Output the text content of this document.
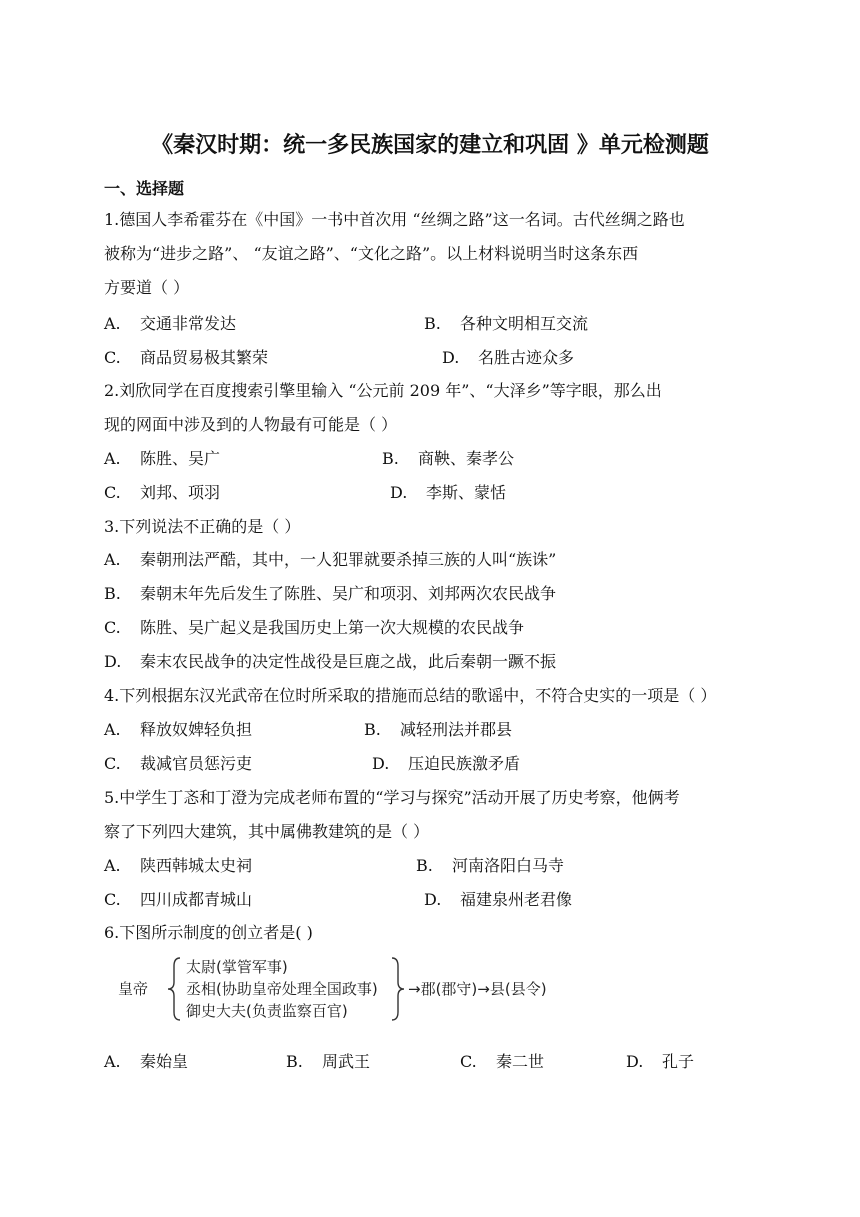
《秦汉时期：统一多民族国家的建立和巩固 》单元检测题
一、选择题
1.德国人李希霍芬在《中国》一书中首次用 “丝绸之路”这一名词。古代丝绸之路也
被称为“进步之路”、 “友谊之路”、“文化之路”。以上材料说明当时这条东西
方要道（ ）
A. 交通非常发达	B. 各种文明相互交流
C. 商品贸易极其繁荣	D. 名胜古迹众多
2.刘欣同学在百度搜索引擎里输入 “公元前 209 年”、“大泽乡”等字眼，那么出
现的网面中涉及到的人物最有可能是（ ）
A. 陈胜、吴广	B. 商鞅、秦孝公
C. 刘邦、项羽	D. 李斯、蒙恬
3.下列说法不正确的是（ ）
A. 秦朝刑法严酷，其中，一人犯罪就要杀掉三族的人叫“族诛”
B. 秦朝末年先后发生了陈胜、吴广和项羽、刘邦两次农民战争
C. 陈胜、吴广起义是我国历史上第一次大规模的农民战争
D. 秦末农民战争的决定性战役是巨鹿之战，此后秦朝一蹶不振
4.下列根据东汉光武帝在位时所采取的措施而总结的歌谣中，不符合史实的一项是（ ）
A. 释放奴婢轻负担	B. 减轻刑法并郡县
C. 裁减官员惩污吏	D. 压迫民族激矛盾
5.中学生丁忞和丁澄为完成老师布置的“学习与探究”活动开展了历史考察，他俩考
察了下列四大建筑，其中属佛教建筑的是（ ）
A. 陕西韩城太史祠	B. 河南洛阳白马寺
C. 四川成都青城山	D. 福建泉州老君像
6.下图所示制度的创立者是( )
皇帝
太尉(掌管军事)
丞相(协助皇帝处理全国政事)
御史大夫(负责监察百官)
→郡(郡守)→县(县令)
A. 秦始皇	B. 周武王	C. 秦二世	D. 孔子
